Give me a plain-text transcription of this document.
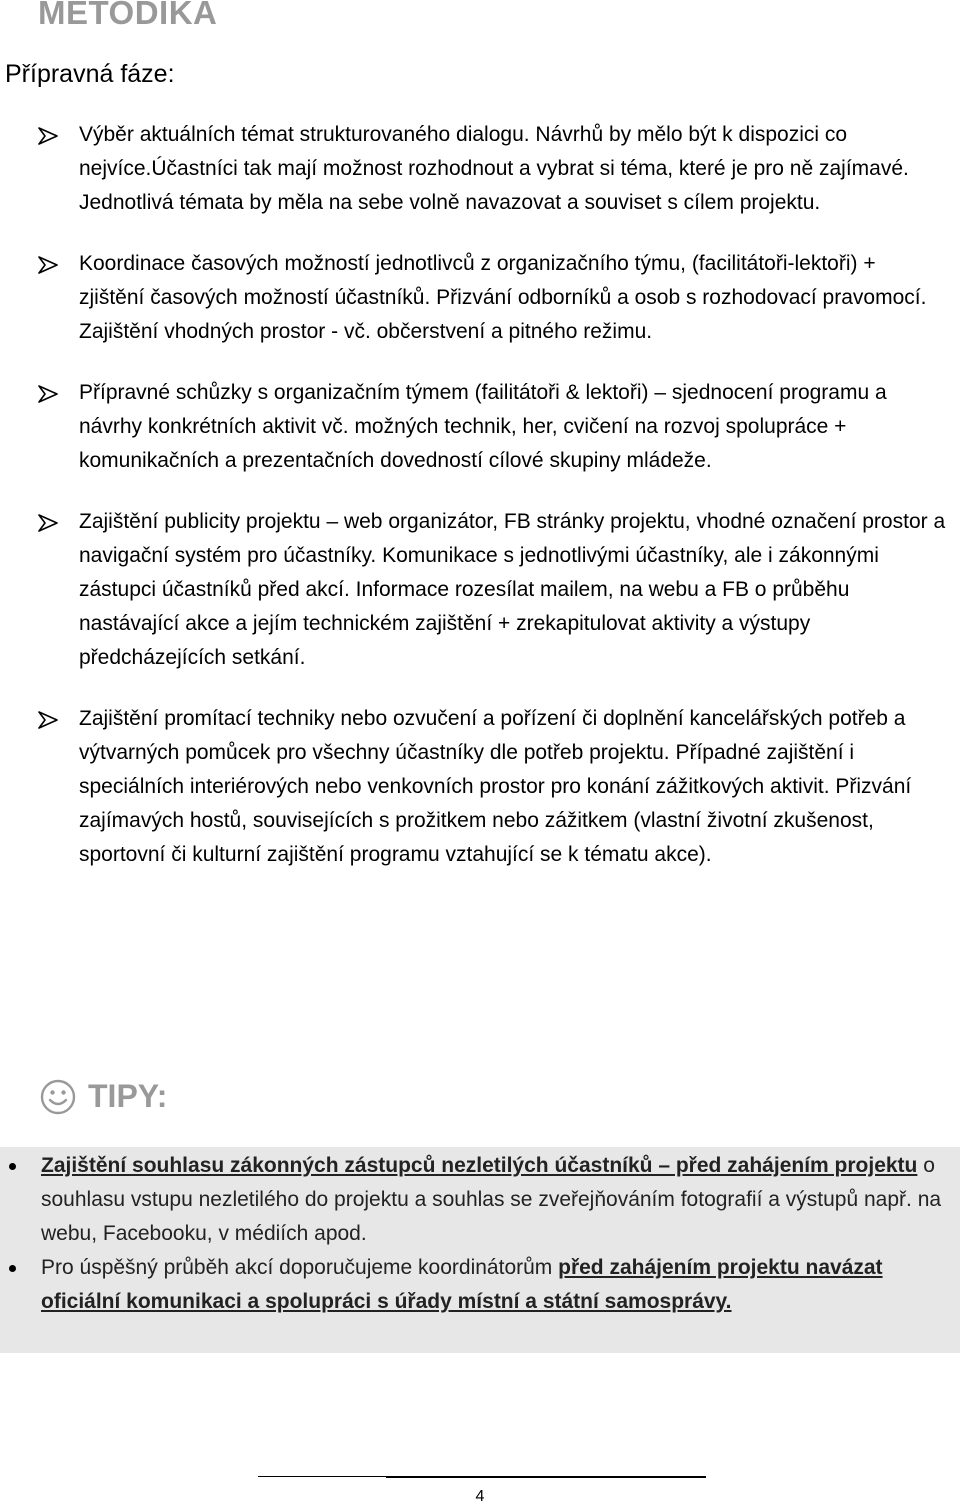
METODIKA
Přípravná fáze:
Výběr aktuálních témat strukturovaného dialogu. Návrhů by mělo být k dispozici co nejvíce.Účastníci tak mají možnost rozhodnout a vybrat si téma, které je pro ně zajímavé. Jednotlivá témata by měla na sebe volně navazovat a souviset s cílem projektu.
Koordinace časových možností jednotlivců z organizačního týmu, (facilitátoři-lektoři) + zjištění časových možností účastníků. Přizvání odborníků a osob s rozhodovací pravomocí. Zajištění vhodných prostor - vč. občerstvení a pitného režimu.
Přípravné schůzky s organizačním týmem (failitátoři & lektoři) – sjednocení programu a návrhy konkrétních aktivit vč. možných technik, her, cvičení na rozvoj spolupráce + komunikačních a prezentačních dovedností cílové skupiny mládeže.
Zajištění publicity projektu – web organizátor, FB stránky projektu, vhodné označení prostor a navigační systém pro účastníky. Komunikace s jednotlivými účastníky, ale i zákonnými zástupci účastníků před akcí. Informace rozesílat mailem, na webu a FB o průběhu nastávající akce a jejím technickém zajištění + zrekapitulovat aktivity a výstupy předcházejících setkání.
Zajištění promítací techniky nebo ozvučení a pořízení či doplnění kancelářských potřeb a výtvarných pomůcek pro všechny účastníky dle potřeb projektu. Případné zajištění i speciálních interiérových nebo venkovních prostor pro konání zážitkových aktivit. Přizvání zajímavých hostů, souvisejících s prožitkem nebo zážitkem (vlastní životní zkušenost, sportovní či kulturní zajištění programu vztahující se k tématu akce).
TIPY:
Zajištění souhlasu zákonných zástupců nezletilých účastníků – před zahájením projektu o souhlasu vstupu nezletilého do projektu a souhlas se zveřejňováním fotografií a výstupů např. na webu, Facebooku, v médiích apod.
Pro úspěšný průběh akcí doporučujeme koordinátorům před zahájením projektu navázat oficiální komunikaci a spolupráci s úřady místní a státní samosprávy.
4
